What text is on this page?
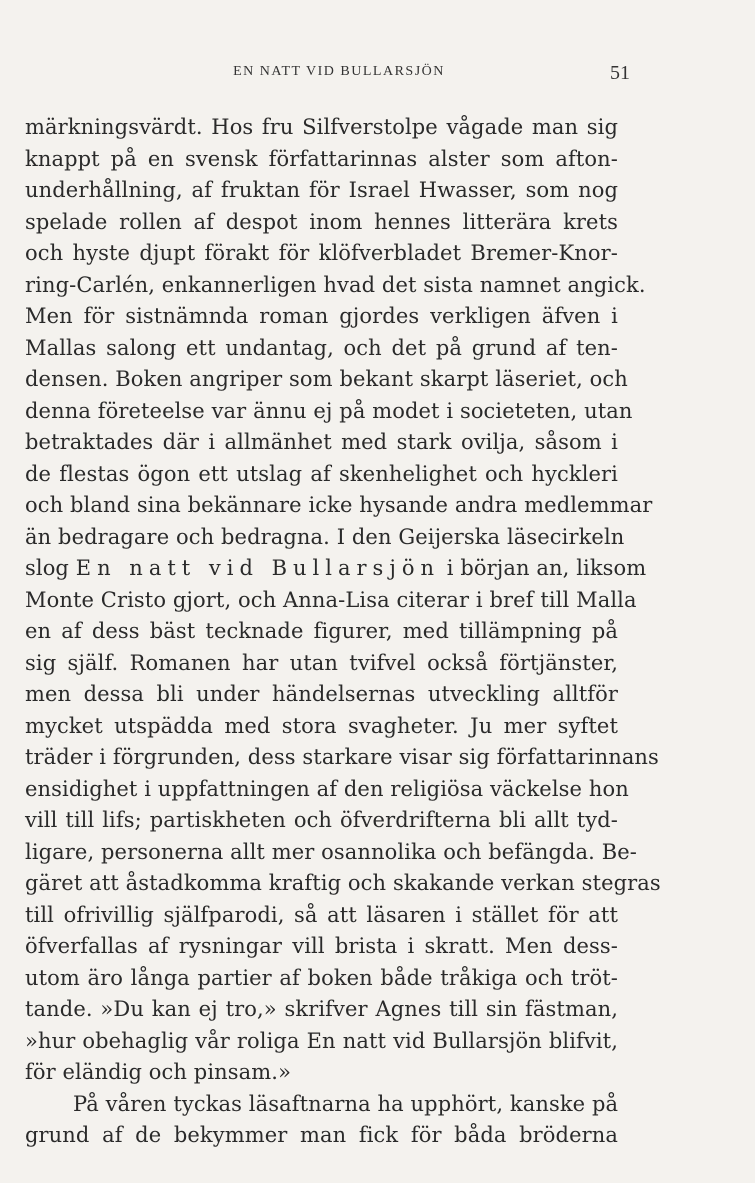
EN NATT VID BULLARSJÖN	51
märkningsvärdt. Hos fru Silfverstolpe vågade man sig
knappt på en svensk författarinnas alster som afton-
underhållning, af fruktan för Israel Hwasser, som nog
spelade rollen af despot inom hennes litterära krets
och hyste djupt förakt för klöfverbladet Bremer-Knor-
ring-Carlén, enkannerligen hvad det sista namnet angick.
Men för sistnämnda roman gjordes verkligen äfven i
Mallas salong ett undantag, och det på grund af ten-
densen. Boken angriper som bekant skarpt läseriet, och
denna företeelse var ännu ej på modet i societeten, utan
betraktades där i allmänhet med stark ovilja, såsom i
de flestas ögon ett utslag af skenhelighet och hyckleri
och bland sina bekännare icke hysande andra medlemmar
än bedragare och bedragna. I den Geijerska läsecirkeln
slog En natt vid Bullarsjön i början an, liksom
Monte Cristo gjort, och Anna-Lisa citerar i bref till Malla
en af dess bäst tecknade figurer, med tillämpning på
sig själf. Romanen har utan tvifvel också förtjänster,
men dessa bli under händelsernas utveckling alltför
mycket utspädda med stora svagheter. Ju mer syftet
träder i förgrunden, dess starkare visar sig författarinnans
ensidighet i uppfattningen af den religiösa väckelse hon
vill till lifs; partiskheten och öfverdrifterna bli allt tyd-
ligare, personerna allt mer osannolika och befängda. Be-
gäret att åstadkomma kraftig och skakande verkan stegras
till ofrivillig själfparodi, så att läsaren i stället för att
öfverfallas af rysningar vill brista i skratt. Men dess-
utom äro långa partier af boken både tråkiga och tröt-
tande. »Du kan ej tro,» skrifver Agnes till sin fästman,
»hur obehaglig vår roliga En natt vid Bullarsjön blifvit,
för eländig och pinsam.»
På våren tyckas läsaftnarna ha upphört, kanske på
grund af de bekymmer man fick för båda bröderna
